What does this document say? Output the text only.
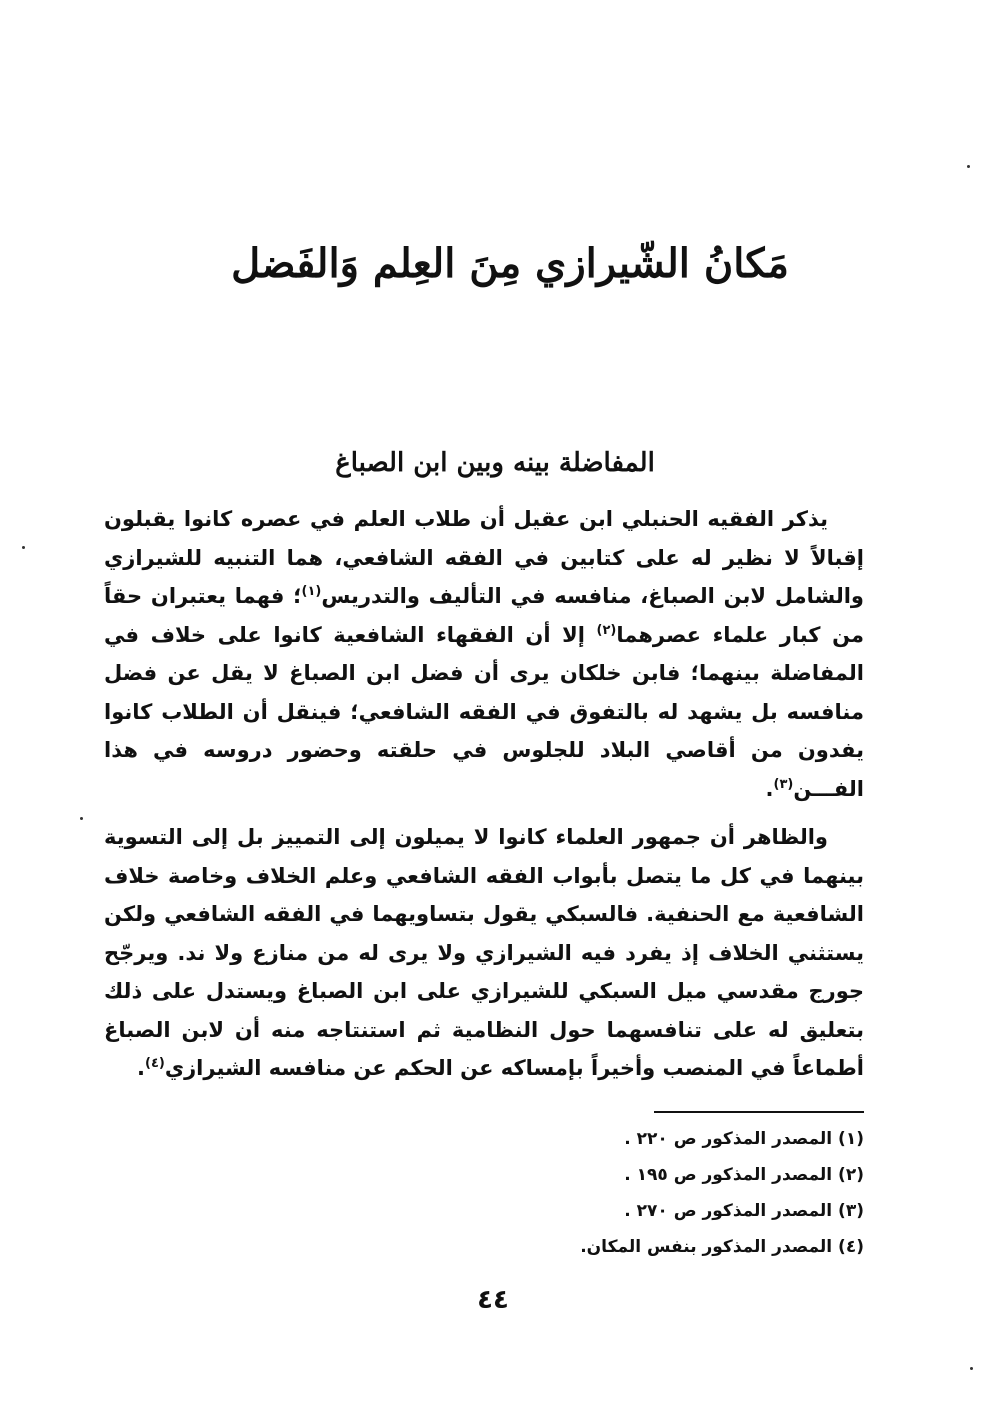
مَكانُ الشّيرازي مِنَ العِلم وَالفَضل
المفاضلة بينه وبين ابن الصباغ

يذكر الفقيه الحنبلي ابن عقيل أن طلاب العلم في عصره كانوا يقبلون إقبالاً لا نظير له على كتابين في الفقه الشافعي، هما التنبيه للشيرازي والشامل لابن الصباغ، منافسه في التأليف والتدريس$^{(١)}$؛ فهما يعتبران حقاً من كبار علماء عصرهما$^{(٢)}$ إلا أن الفقهاء الشافعية كانوا على خلاف في المفاضلة بينهما؛ فابن خلكان يرى أن فضل ابن الصباغ لا يقل عن فضل منافسه بل يشهد له بالتفوق في الفقه الشافعي؛ فينقل أن الطلاب كانوا يفدون من أقاصي البلاد للجلوس في حلقته وحضور دروسه في هذا الفـــن$^{(٣)}$.

والظاهر أن جمهور العلماء كانوا لا يميلون إلى التمييز بل إلى التسوية بينهما في كل ما يتصل بأبواب الفقه الشافعي وعلم الخلاف وخاصة خلاف الشافعية مع الحنفية. فالسبكي يقول بتساويهما في الفقه الشافعي ولكن يستثني الخلاف إذ يفرد فيه الشيرازي ولا يرى له من منازع ولا ند. ويرجّح جورج مقدسي ميل السبكي للشيرازي على ابن الصباغ ويستدل على ذلك بتعليق له على تنافسهما حول النظامية ثم استنتاجه منه أن لابن الصباغ أطماعاً في المنصب وأخيراً بإمساكه عن الحكم عن منافسه الشيرازي$^{(٤)}$.

(١) المصدر المذكور ص ٢٢٠ .

(٢) المصدر المذكور ص ١٩٥ .

(٣) المصدر المذكور ص ٢٧٠ .

(٤) المصدر المذكور بنفس المكان.

٤٤
